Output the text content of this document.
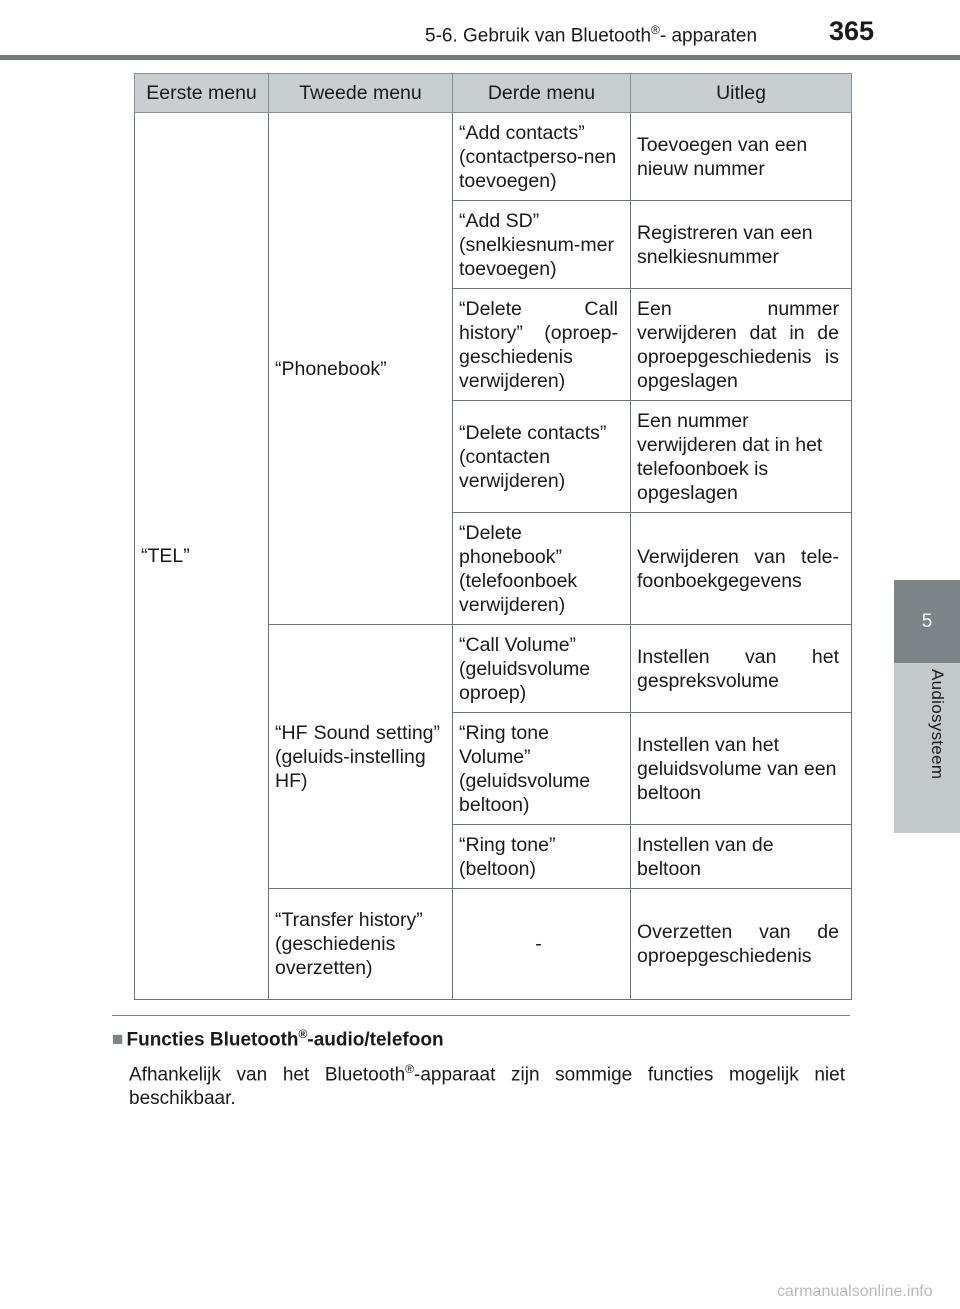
5-6. Gebruik van Bluetooth®- apparaten	365
5
Audiosysteem
Eerste menu	Tweede menu	Derde menu	Uitleg
“TEL”	“Phonebook”	“Add contacts” (contactperso-nen toevoegen)	Toevoegen van een nieuw nummer
		“Add SD” (snelkiesnum-mer toevoegen)	Registreren van een snelkiesnummer
		“Delete Call history” (oproep-geschiedenis verwijderen)	Een nummer verwijderen dat in de oproepgeschiedenis is opgeslagen
		“Delete contacts” (contacten verwijderen)	Een nummer verwijderen dat in het telefoonboek is opgeslagen
		“Delete phonebook” (telefoonboek verwijderen)	Verwijderen van tele-foonboekgegevens
	“HF Sound setting” (geluids-instelling HF)	“Call Volume” (geluidsvolume oproep)	Instellen van het gespreksvolume
		“Ring tone Volume” (geluidsvolume beltoon)	Instellen van het geluidsvolume van een beltoon
		“Ring tone” (beltoon)	Instellen van de beltoon
	“Transfer history” (geschiedenis overzetten)	-	Overzetten van de oproepgeschiedenis
■ Functies Bluetooth®-audio/telefoon
Afhankelijk van het Bluetooth®-apparaat zijn sommige functies mogelijk niet beschikbaar.
carmanualsonline.info
